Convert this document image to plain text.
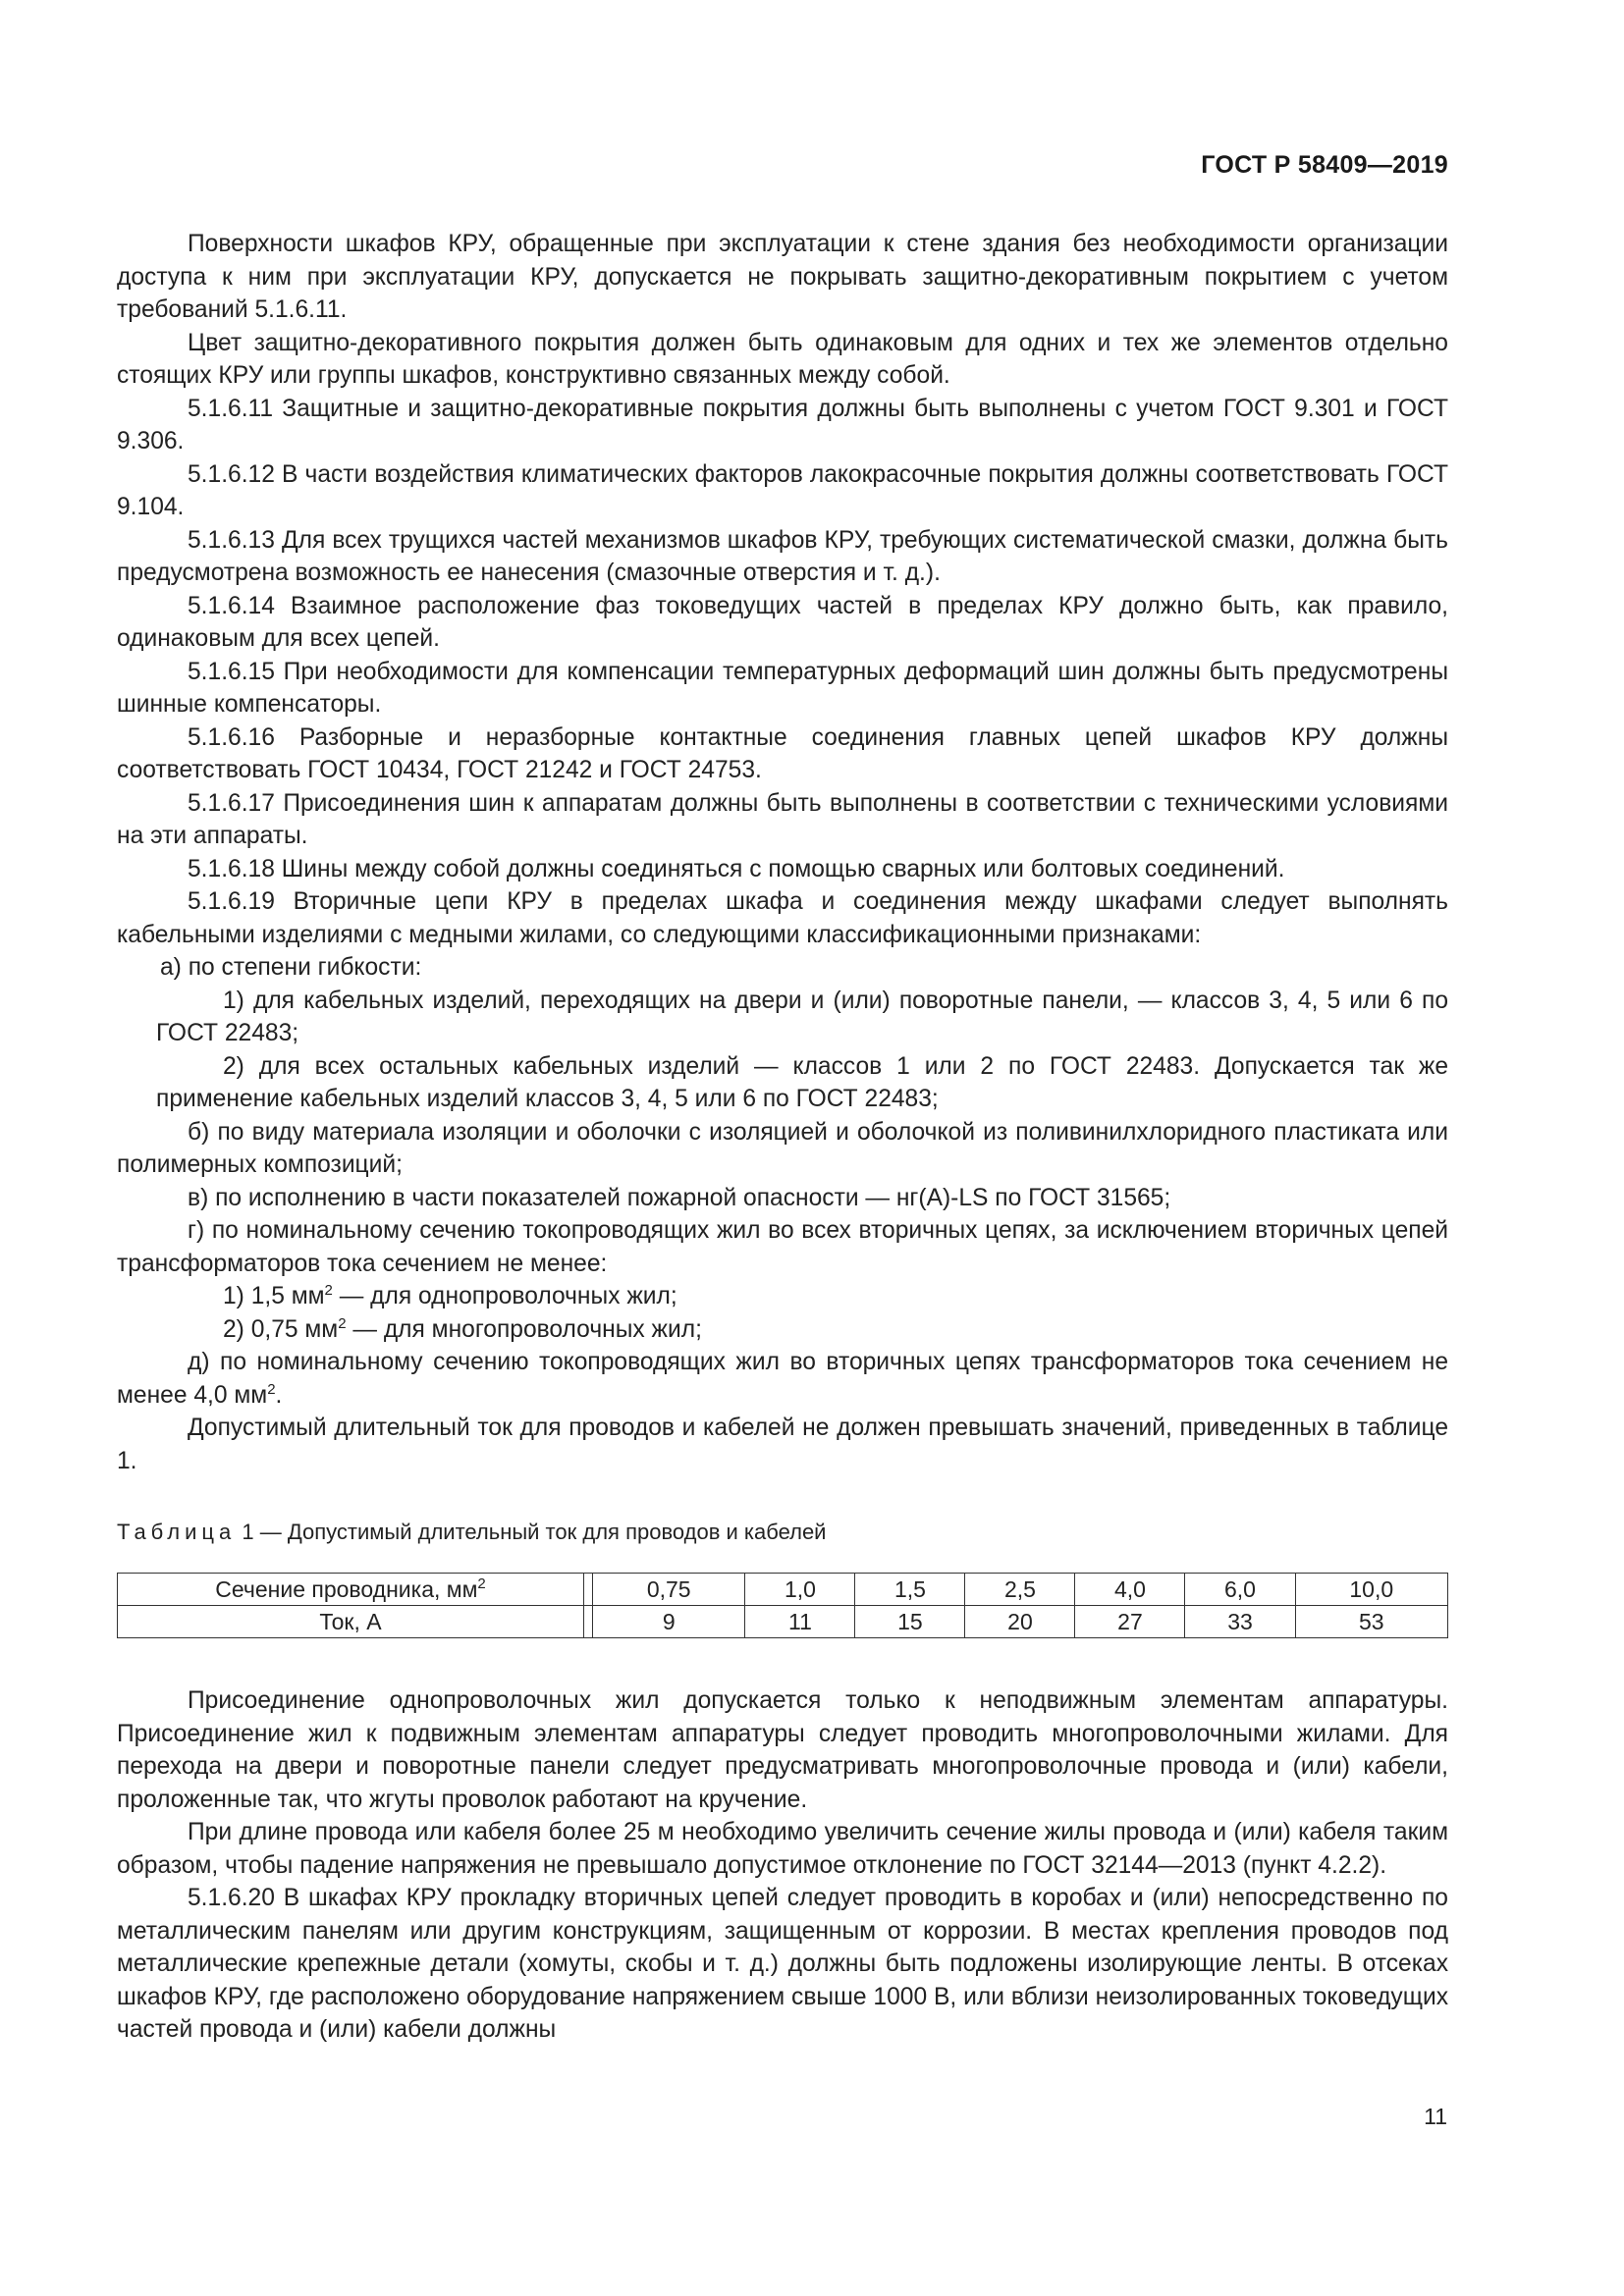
ГОСТ Р 58409—2019

Поверхности шкафов КРУ, обращенные при эксплуатации к стене здания без необходимости организации доступа к ним при эксплуатации КРУ, допускается не покрывать защитно-декоративным покрытием с учетом требований 5.1.6.11.

Цвет защитно-декоративного покрытия должен быть одинаковым для одних и тех же элементов отдельно стоящих КРУ или группы шкафов, конструктивно связанных между собой.

5.1.6.11 Защитные и защитно-декоративные покрытия должны быть выполнены с учетом ГОСТ 9.301 и ГОСТ 9.306.

5.1.6.12 В части воздействия климатических факторов лакокрасочные покрытия должны соответствовать ГОСТ 9.104.

5.1.6.13 Для всех трущихся частей механизмов шкафов КРУ, требующих систематической смазки, должна быть предусмотрена возможность ее нанесения (смазочные отверстия и т. д.).

5.1.6.14 Взаимное расположение фаз токоведущих частей в пределах КРУ должно быть, как правило, одинаковым для всех цепей.

5.1.6.15 При необходимости для компенсации температурных деформаций шин должны быть предусмотрены шинные компенсаторы.

5.1.6.16 Разборные и неразборные контактные соединения главных цепей шкафов КРУ должны соответствовать ГОСТ 10434, ГОСТ 21242 и ГОСТ 24753.

5.1.6.17 Присоединения шин к аппаратам должны быть выполнены в соответствии с техническими условиями на эти аппараты.

5.1.6.18 Шины между собой должны соединяться с помощью сварных или болтовых соединений.

5.1.6.19 Вторичные цепи КРУ в пределах шкафа и соединения между шкафами следует выполнять кабельными изделиями с медными жилами, со следующими классификационными признаками:

а) по степени гибкости:

1) для кабельных изделий, переходящих на двери и (или) поворотные панели, — классов 3, 4, 5 или 6 по ГОСТ 22483;

2) для всех остальных кабельных изделий — классов 1 или 2 по ГОСТ 22483. Допускается так же применение кабельных изделий классов 3, 4, 5 или 6 по ГОСТ 22483;

б) по виду материала изоляции и оболочки с изоляцией и оболочкой из поливинилхлоридного пластиката или полимерных композиций;

в) по исполнению в части показателей пожарной опасности — нг(А)-LS по ГОСТ 31565;

г) по номинальному сечению токопроводящих жил во всех вторичных цепях, за исключением вторичных цепей трансформаторов тока сечением не менее:

1) 1,5 $мм^2$ — для однопроволочных жил;

2) 0,75 $мм^2$ — для многопроволочных жил;

д) по номинальному сечению токопроводящих жил во вторичных цепях трансформаторов тока сечением не менее 4,0 $мм^2$.

Допустимый длительный ток для проводов и кабелей не должен превышать значений, приведенных в таблице 1.

Таблица 1 — Допустимый длительный ток для проводов и кабелей
Сечение проводника, $мм^2$		0,75	1,0	1,5	2,5	4,0	6,0	10,0
Ток, А		9	11	15	20	27	33	53

Присоединение однопроволочных жил допускается только к неподвижным элементам аппаратуры. Присоединение жил к подвижным элементам аппаратуры следует проводить многопроволочными жилами. Для перехода на двери и поворотные панели следует предусматривать многопроволочные провода и (или) кабели, проложенные так, что жгуты проволок работают на кручение.

При длине провода или кабеля более 25 м необходимо увеличить сечение жилы провода и (или) кабеля таким образом, чтобы падение напряжения не превышало допустимое отклонение по ГОСТ 32144—2013 (пункт 4.2.2).

5.1.6.20 В шкафах КРУ прокладку вторичных цепей следует проводить в коробах и (или) непосредственно по металлическим панелям или другим конструкциям, защищенным от коррозии. В местах крепления проводов под металлические крепежные детали (хомуты, скобы и т. д.) должны быть подложены изолирующие ленты. В отсеках шкафов КРУ, где расположено оборудование напряжением свыше 1000 В, или вблизи неизолированных токоведущих частей провода и (или) кабели должны

11
